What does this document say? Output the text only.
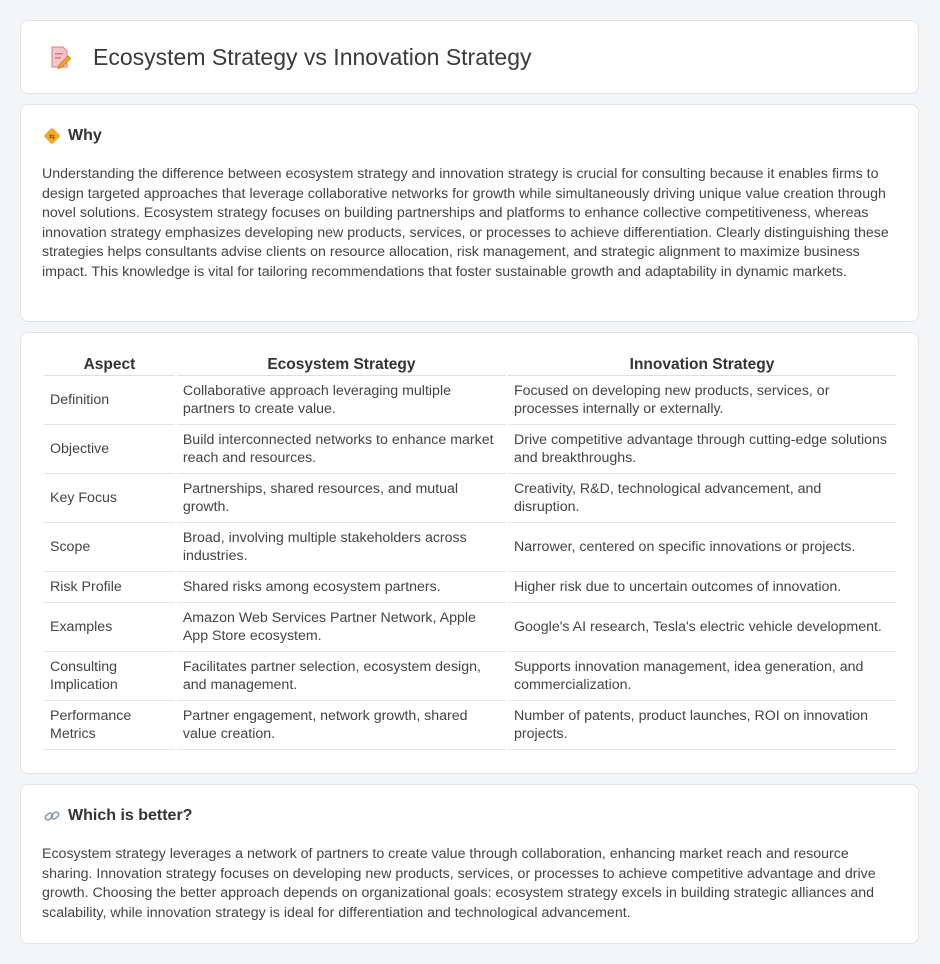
Ecosystem Strategy vs Innovation Strategy
⇆ Why

Understanding the difference between ecosystem strategy and innovation strategy is crucial for consulting because it enables firms to design targeted approaches that leverage collaborative networks for growth while simultaneously driving unique value creation through novel solutions. Ecosystem strategy focuses on building partnerships and platforms to enhance collective competitiveness, whereas innovation strategy emphasizes developing new products, services, or processes to achieve differentiation. Clearly distinguishing these strategies helps consultants advise clients on resource allocation, risk management, and strategic alignment to maximize business impact. This knowledge is vital for tailoring recommendations that foster sustainable growth and adaptability in dynamic markets.

Aspect	Ecosystem Strategy	Innovation Strategy
Definition	Collaborative approach leveraging multiple partners to create value.	Focused on developing new products, services, or processes internally or externally.
Objective	Build interconnected networks to enhance market reach and resources.	Drive competitive advantage through cutting-edge solutions and breakthroughs.
Key Focus	Partnerships, shared resources, and mutual growth.	Creativity, R&D, technological advancement, and disruption.
Scope	Broad, involving multiple stakeholders across industries.	Narrower, centered on specific innovations or projects.
Risk Profile	Shared risks among ecosystem partners.	Higher risk due to uncertain outcomes of innovation.
Examples	Amazon Web Services Partner Network, Apple App Store ecosystem.	Google's AI research, Tesla's electric vehicle development.
Consulting Implication	Facilitates partner selection, ecosystem design, and management.	Supports innovation management, idea generation, and commercialization.
Performance Metrics	Partner engagement, network growth, shared value creation.	Number of patents, product launches, ROI on innovation projects.
Which is better?

Ecosystem strategy leverages a network of partners to create value through collaboration, enhancing market reach and resource sharing. Innovation strategy focuses on developing new products, services, or processes to achieve competitive advantage and drive growth. Choosing the better approach depends on organizational goals: ecosystem strategy excels in building strategic alliances and scalability, while innovation strategy is ideal for differentiation and technological advancement.
